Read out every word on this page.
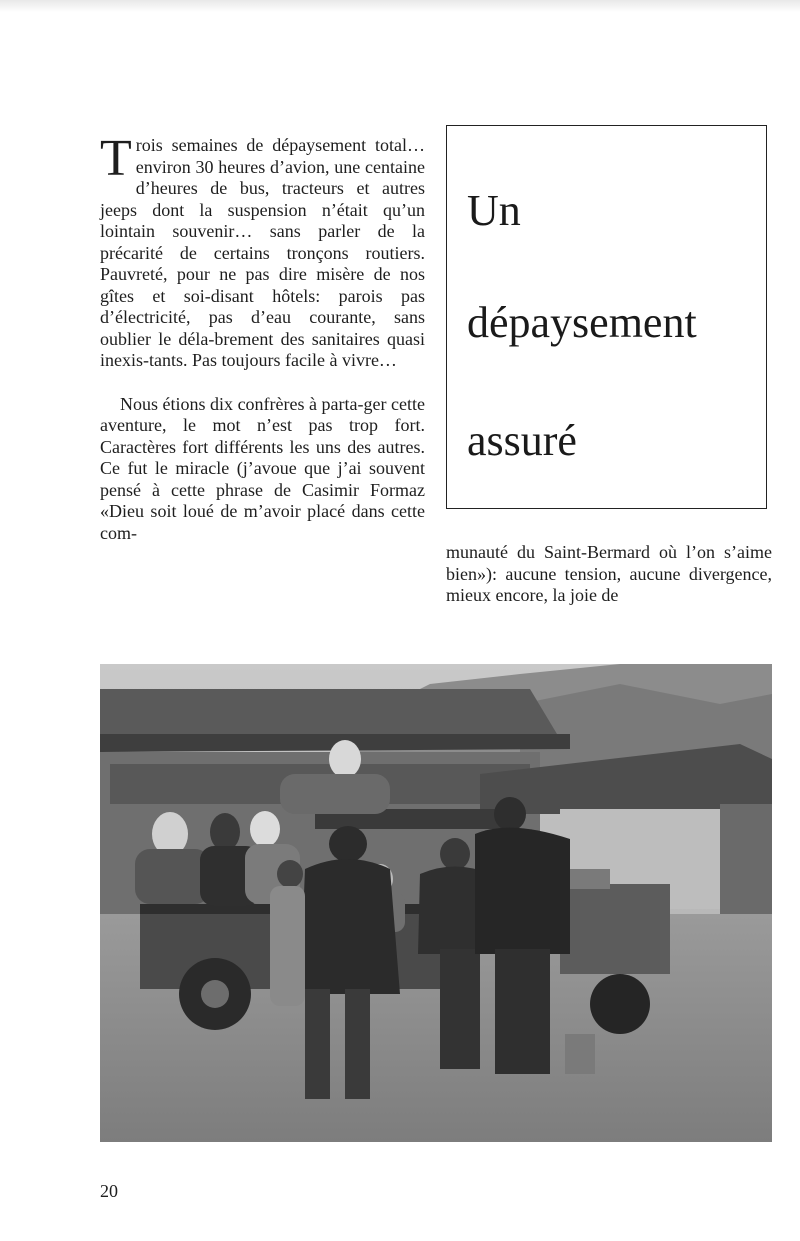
Trois semaines de dépaysement total… environ 30 heures d’avion, une centaine d’heures de bus, tracteurs et autres jeeps dont la suspension n’était qu’un lointain souvenir… sans parler de la précarité de certains tronçons routiers. Pauvreté, pour ne pas dire misère de nos gîtes et soi-disant hôtels: parois pas d’électricité, pas d’eau courante, sans oublier le déla-brement des sanitaires quasi inexis-tants. Pas toujours facile à vivre…

Nous étions dix confrères à parta-ger cette aventure, le mot n’est pas trop fort. Caractères fort différents les uns des autres. Ce fut le miracle (j’avoue que j’ai souvent pensé à cette phrase de Casimir Formaz «Dieu soit loué de m’avoir placé dans cette com-

Un
dépaysement
assuré

munauté du Saint-Bermard où l’on s’aime bien»): aucune tension, aucune divergence, mieux encore, la joie de

20
